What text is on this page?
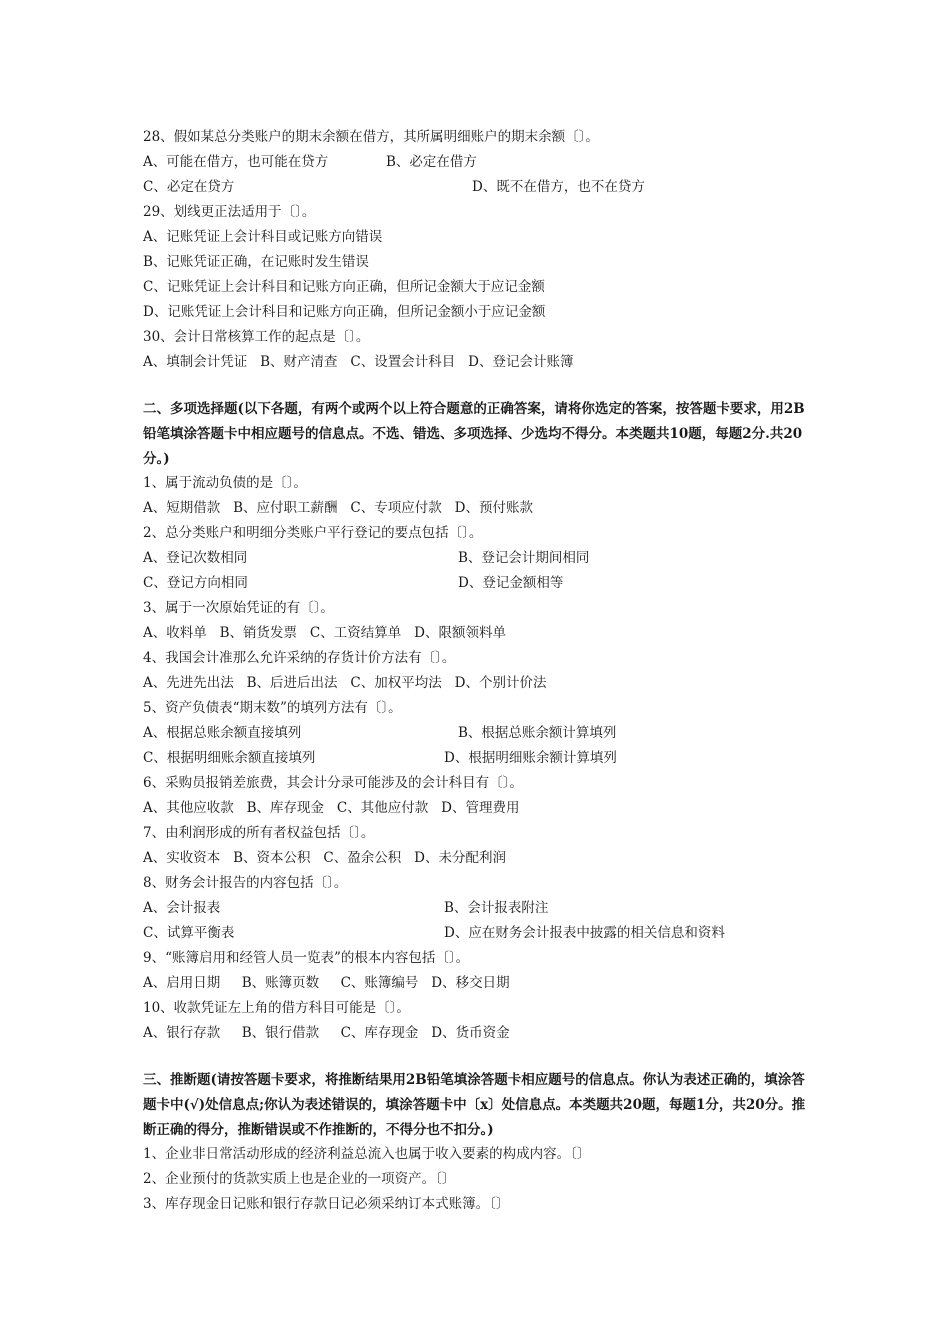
28、假如某总分类账户的期末余额在借方，其所属明细账户的期末余额〔〕。
A、可能在借方，也可能在贷方	B、必定在借方
C、必定在贷方	D、既不在借方，也不在贷方
29、划线更正法适用于〔〕。
A、记账凭证上会计科目或记账方向错误
B、记账凭证正确，在记账时发生错误
C、记账凭证上会计科目和记账方向正确，但所记金额大于应记金额
D、记账凭证上会计科目和记账方向正确，但所记金额小于应记金额
30、会计日常核算工作的起点是〔〕。
A、填制会计凭证   B、财产清查   C、设置会计科目   D、登记会计账簿
二、多项选择题(以下各题，有两个或两个以上符合题意的正确答案，请将你选定的答案，按答题卡要求，用2B铅笔填涂答题卡中相应题号的信息点。不选、错选、多项选择、少选均不得分。本类题共10题，每题2分.共20分。)
1、属于流动负债的是〔〕。
A、短期借款   B、应付职工薪酬   C、专项应付款   D、预付账款
2、总分类账户和明细分类账户平行登记的要点包括〔〕。
A、登记次数相同	B、登记会计期间相同
C、登记方向相同	D、登记金额相等
3、属于一次原始凭证的有〔〕。
A、收料单   B、销货发票   C、工资结算单   D、限额领料单
4、我国会计准那么允许采纳的存货计价方法有〔〕。
A、先进先出法   B、后进后出法   C、加权平均法   D、个别计价法
5、资产负债表“期末数”的填列方法有〔〕。
A、根据总账余额直接填列	B、根据总账余额计算填列
C、根据明细账余额直接填列	D、根据明细账余额计算填列
6、采购员报销差旅费，其会计分录可能涉及的会计科目有〔〕。
A、其他应收款   B、库存现金   C、其他应付款   D、管理费用
7、由利润形成的所有者权益包括〔〕。
A、实收资本   B、资本公积   C、盈余公积   D、未分配利润
8、财务会计报告的内容包括〔〕。
A、会计报表	B、会计报表附注
C、试算平衡表	D、应在财务会计报表中披露的相关信息和资料
9、“账簿启用和经管人员一览表”的根本内容包括〔〕。
A、启用日期     B、账簿页数     C、账簿编号   D、移交日期
10、收款凭证左上角的借方科目可能是〔〕。
A、银行存款     B、银行借款     C、库存现金   D、货币资金
三、推断题(请按答题卡要求，将推断结果用2B铅笔填涂答题卡相应题号的信息点。你认为表述正确的，填涂答题卡中(√)处信息点;你认为表述错误的，填涂答题卡中〔x〕处信息点。本类题共20题，每题1分，共20分。推断正确的得分，推断错误或不作推断的，不得分也不扣分。)
1、企业非日常活动形成的经济利益总流入也属于收入要素的构成内容。〔〕
2、企业预付的货款实质上也是企业的一项资产。〔〕
3、库存现金日记账和银行存款日记必须采纳订本式账簿。〔〕
